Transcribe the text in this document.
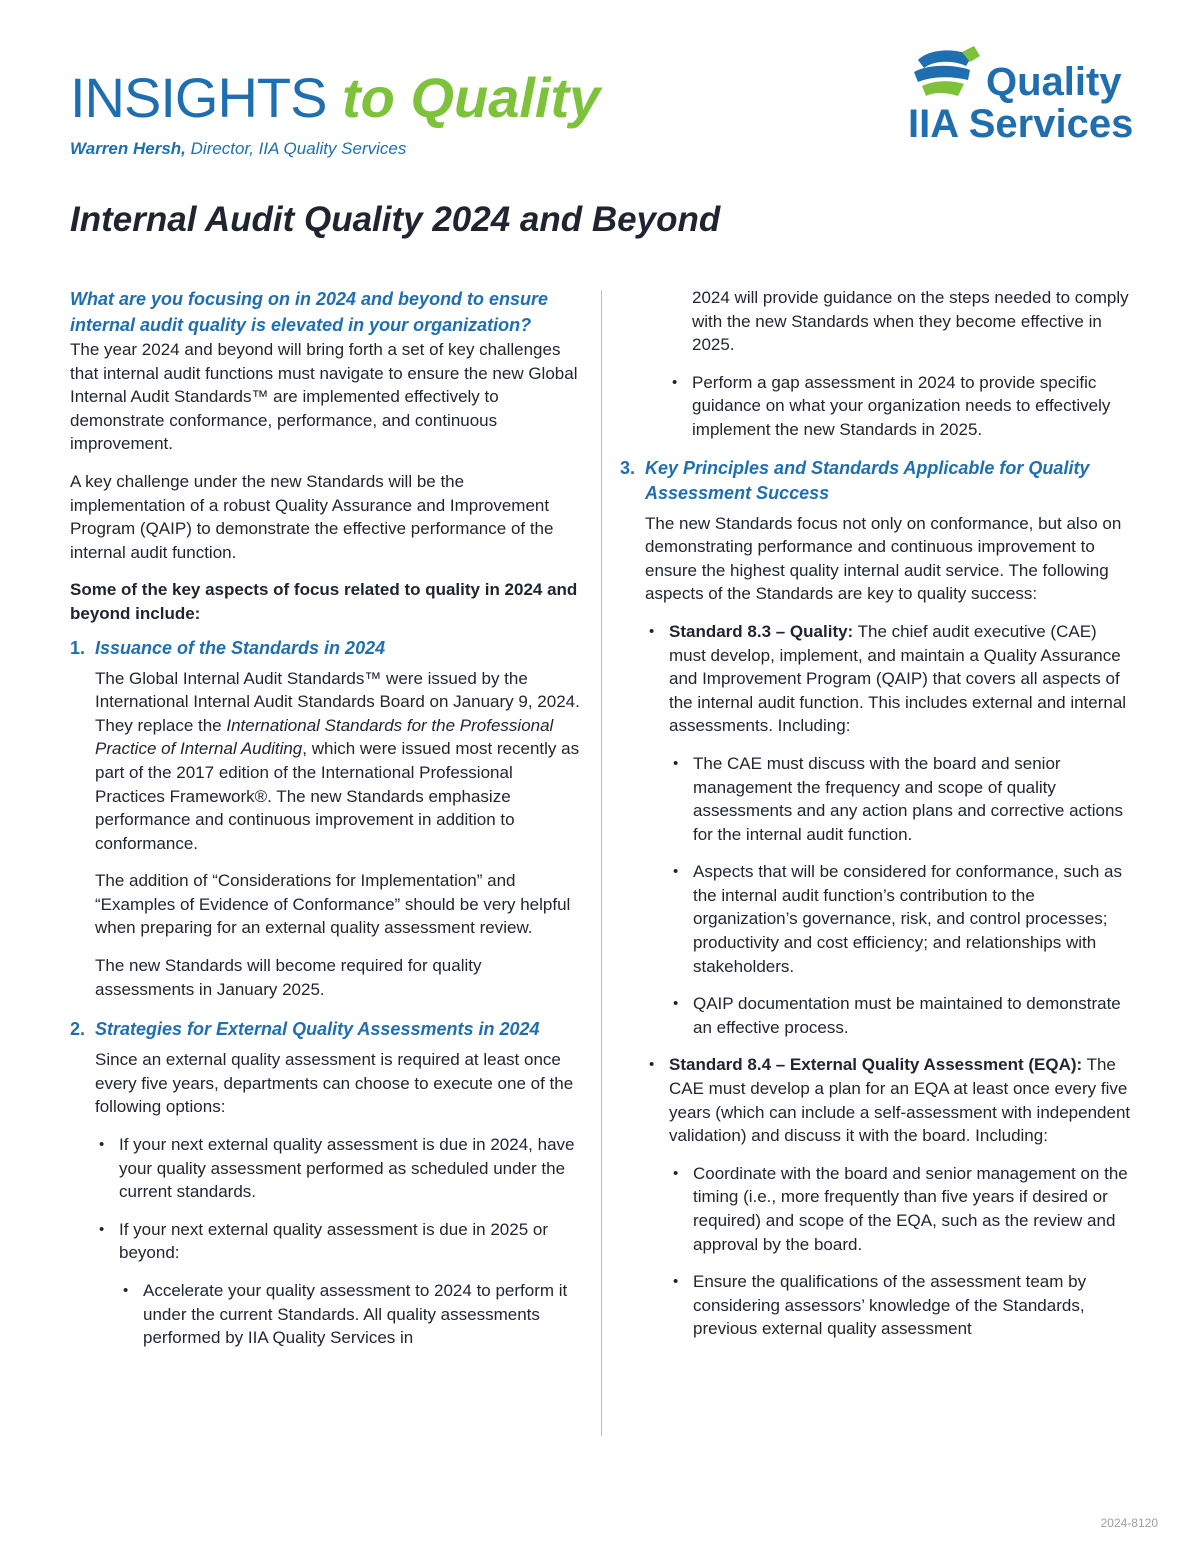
INSIGHTS to Quality
Warren Hersh, Director, IIA Quality Services
Quality
IIA Services
Internal Audit Quality 2024 and Beyond

What are you focusing on in 2024 and beyond to ensure internal audit quality is elevated in your organization?

The year 2024 and beyond will bring forth a set of key challenges that internal audit functions must navigate to ensure the new Global Internal Audit Standards™ are implemented effectively to demonstrate conformance, performance, and continuous improvement.

A key challenge under the new Standards will be the implementation of a robust Quality Assurance and Improvement Program (QAIP) to demonstrate the effective performance of the internal audit function.

Some of the key aspects of focus related to quality in 2024 and beyond include:

1. Issuance of the Standards in 2024

The Global Internal Audit Standards™ were issued by the International Internal Audit Standards Board on January 9, 2024. They replace the International Standards for the Professional Practice of Internal Auditing, which were issued most recently as part of the 2017 edition of the International Professional Practices Framework®. The new Standards emphasize performance and continuous improvement in addition to conformance.

The addition of “Considerations for Implementation” and “Examples of Evidence of Conformance” should be very helpful when preparing for an external quality assessment review.

The new Standards will become required for quality assessments in January 2025.

2. Strategies for External Quality Assessments in 2024

Since an external quality assessment is required at least once every five years, departments can choose to execute one of the following options:

• If your next external quality assessment is due in 2024, have your quality assessment performed as scheduled under the current standards.
• If your next external quality assessment is due in 2025 or beyond:
• Accelerate your quality assessment to 2024 to perform it under the current Standards. All quality assessments performed by IIA Quality Services in

2024 will provide guidance on the steps needed to comply with the new Standards when they become effective in 2025.

• Perform a gap assessment in 2024 to provide specific guidance on what your organization needs to effectively implement the new Standards in 2025.
3. Key Principles and Standards Applicable for Quality Assessment Success

The new Standards focus not only on conformance, but also on demonstrating performance and continuous improvement to ensure the highest quality internal audit service. The following aspects of the Standards are key to quality success:

• Standard 8.3 – Quality: The chief audit executive (CAE) must develop, implement, and maintain a Quality Assurance and Improvement Program (QAIP) that covers all aspects of the internal audit function. This includes external and internal assessments. Including:
• The CAE must discuss with the board and senior management the frequency and scope of quality assessments and any action plans and corrective actions for the internal audit function.
• Aspects that will be considered for conformance, such as the internal audit function’s contribution to the organization’s governance, risk, and control processes; productivity and cost efficiency; and relationships with stakeholders.
• QAIP documentation must be maintained to demonstrate an effective process.
• Standard 8.4 – External Quality Assessment (EQA): The CAE must develop a plan for an EQA at least once every five years (which can include a self-assessment with independent validation) and discuss it with the board. Including:
• Coordinate with the board and senior management on the timing (i.e., more frequently than five years if desired or required) and scope of the EQA, such as the review and approval by the board.
• Ensure the qualifications of the assessment team by considering assessors’ knowledge of the Standards, previous external quality assessment
2024-8120
